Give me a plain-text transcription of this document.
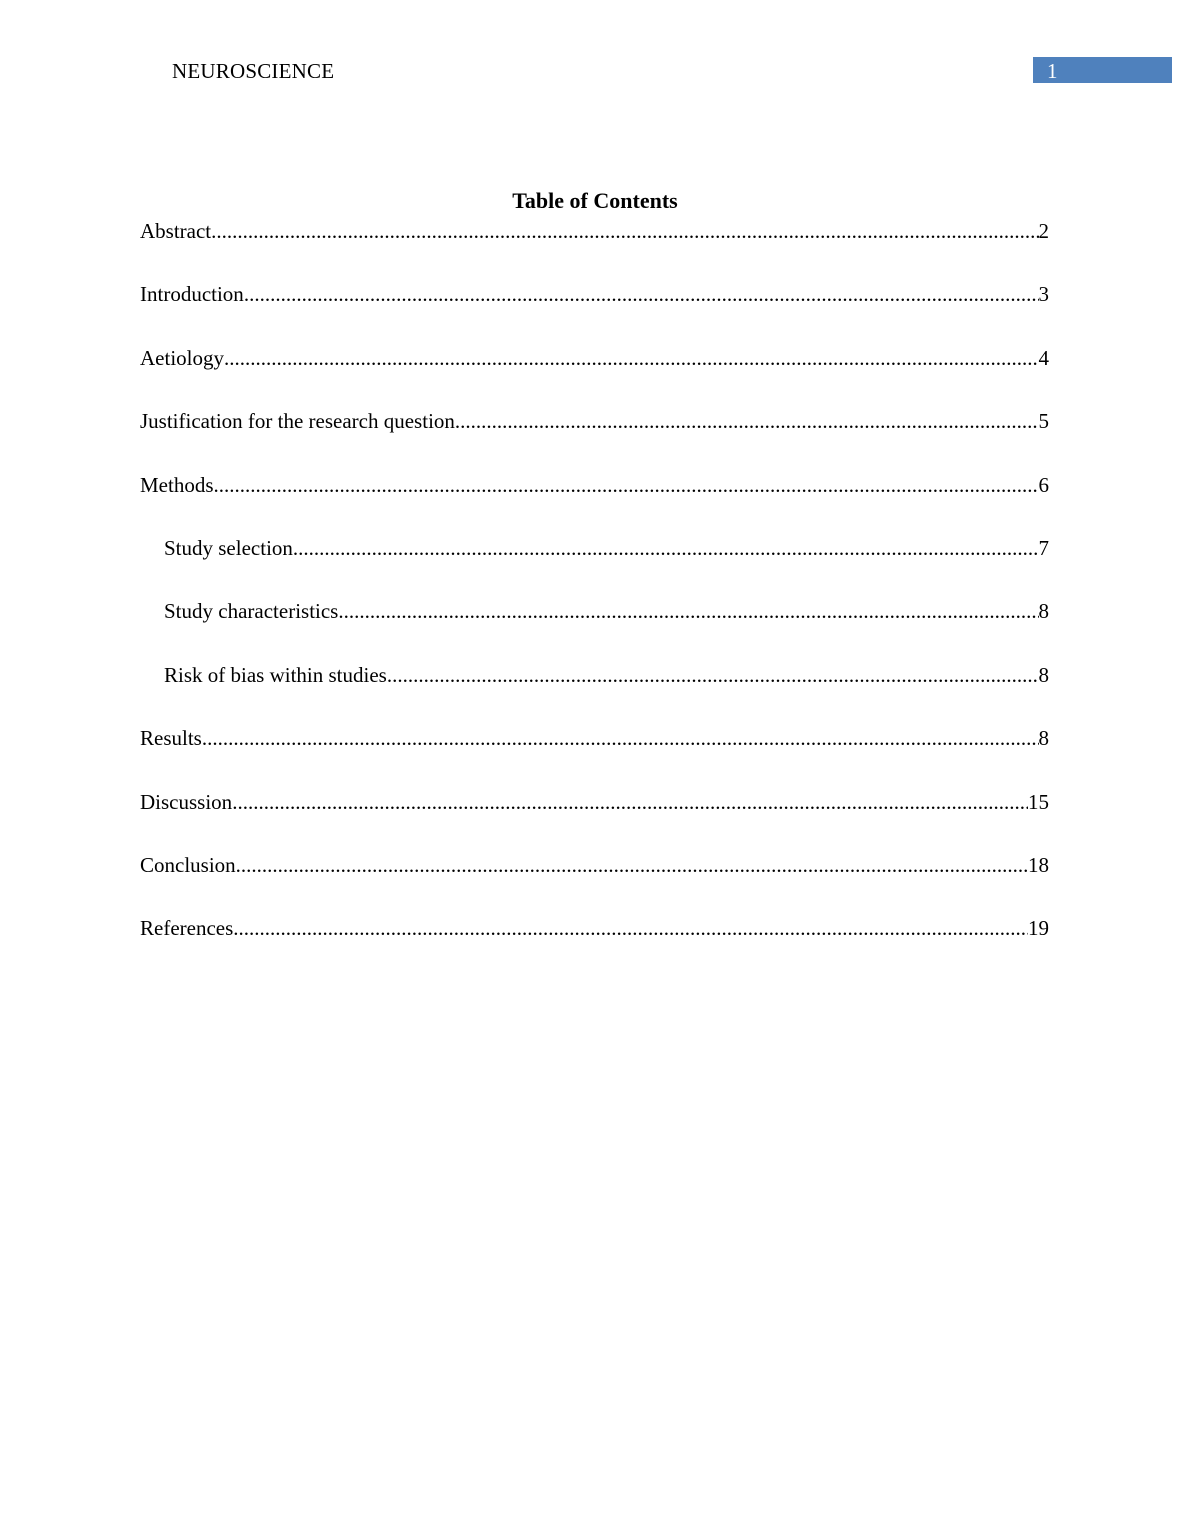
NEUROSCIENCE	1
Table of Contents
Abstract .....	2
Introduction .....	3
Aetiology .....	4
Justification for the research question .....	5
Methods .....	6
Study selection .....	7
Study characteristics .....	8
Risk of bias within studies .....	8
Results .....	8
Discussion .....	15
Conclusion .....	18
References .....	19
